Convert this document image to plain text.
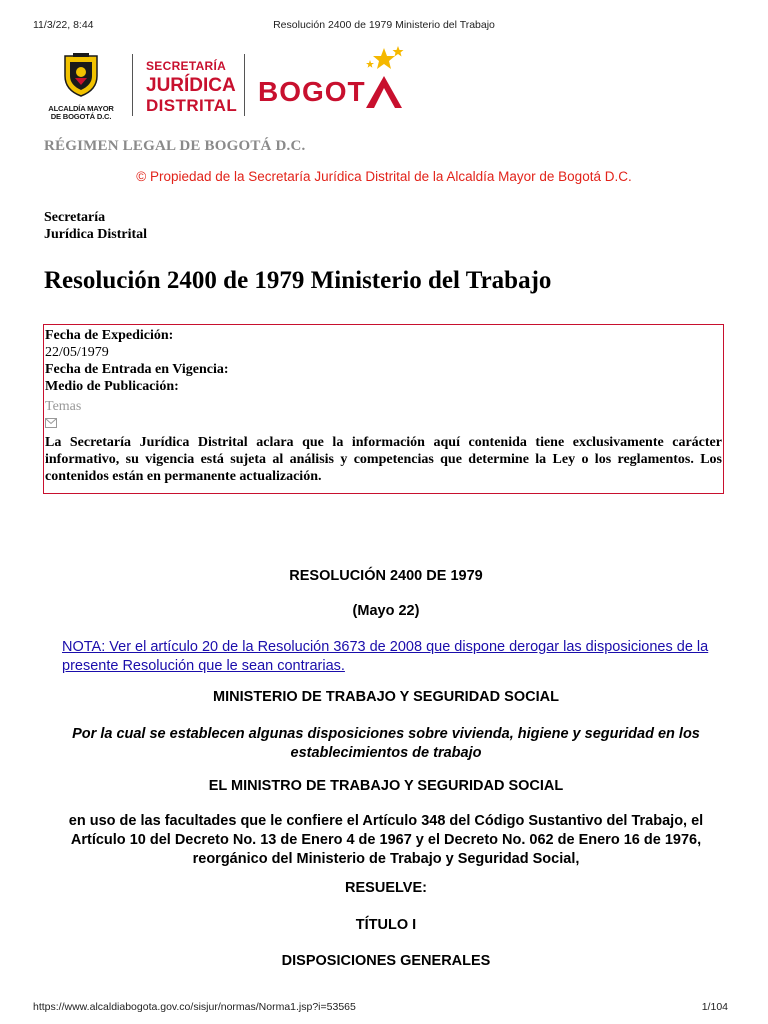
11/3/22, 8:44	Resolución 2400 de 1979 Ministerio del Trabajo
ALCALDÍA MAYOR
DE BOGOTÁ D.C.
SECRETARÍA
JURÍDICA
DISTRITAL BOGOT
RÉGIMEN LEGAL DE BOGOTÁ D.C.
© Propiedad de la Secretaría Jurídica Distrital de la Alcaldía Mayor de Bogotá D.C.
Secretaría
Jurídica Distrital
Resolución 2400 de 1979 Ministerio del Trabajo
Fecha de Expedición:
22/05/1979
Fecha de Entrada en Vigencia:
Medio de Publicación:
Temas
La Secretaría Jurídica Distrital aclara que la información aquí contenida tiene exclusivamente carácter informativo, su vigencia está sujeta al análisis y competencias que determine la Ley o los reglamentos. Los contenidos están en permanente actualización.
RESOLUCIÓN 2400 DE 1979
(Mayo 22)
NOTA: Ver el artículo 20 de la Resolución 3673 de 2008 que dispone derogar las disposiciones de la presente Resolución que le sean contrarias.
MINISTERIO DE TRABAJO Y SEGURIDAD SOCIAL
Por la cual se establecen algunas disposiciones sobre vivienda, higiene y seguridad en los establecimientos de trabajo
EL MINISTRO DE TRABAJO Y SEGURIDAD SOCIAL
en uso de las facultades que le confiere el Artículo 348 del Código Sustantivo del Trabajo, el Artículo 10 del Decreto No. 13 de Enero 4 de 1967 y el Decreto No. 062 de Enero 16 de 1976, reorgánico del Ministerio de Trabajo y Seguridad Social,
RESUELVE:
TÍTULO I
DISPOSICIONES GENERALES
https://www.alcaldiabogota.gov.co/sisjur/normas/Norma1.jsp?i=53565	1/104
